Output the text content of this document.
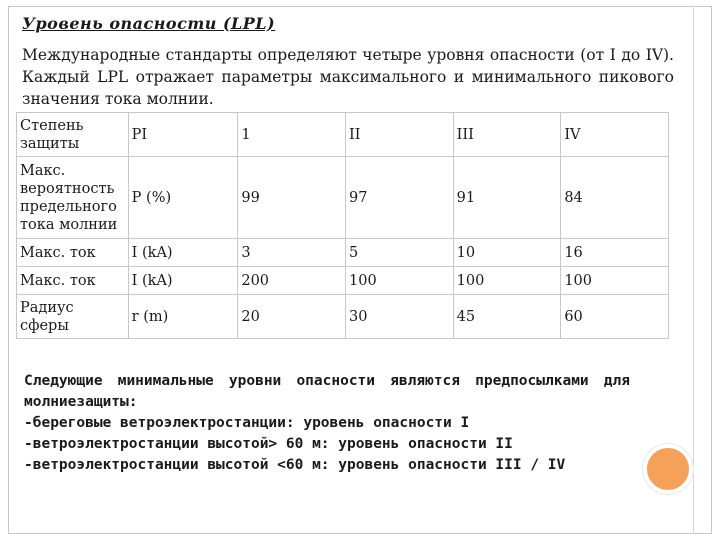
Уровень опасности (LPL)
Международные стандарты определяют четыре уровня опасности (от I до IV). Каждый LPL отражает параметры максимального и минимального пикового значения тока молнии.
Степень защиты	PI	1	II	III	IV
Макс. вероятность предельного тока молнии	P (%)	99	97	91	84
Макс. ток	I (kA)	3	5	10	16
Макс. ток	I (kA)	200	100	100	100
Радиус сферы	r (m)	20	30	45	60

Следующие минимальные уровни опасности являются предпосылками для молниезащиты:

-береговые ветроэлектростанции: уровень опасности I

-ветроэлектростанции высотой> 60 м: уровень опасности II

-ветроэлектростанции высотой <60 м: уровень опасности III / IV
